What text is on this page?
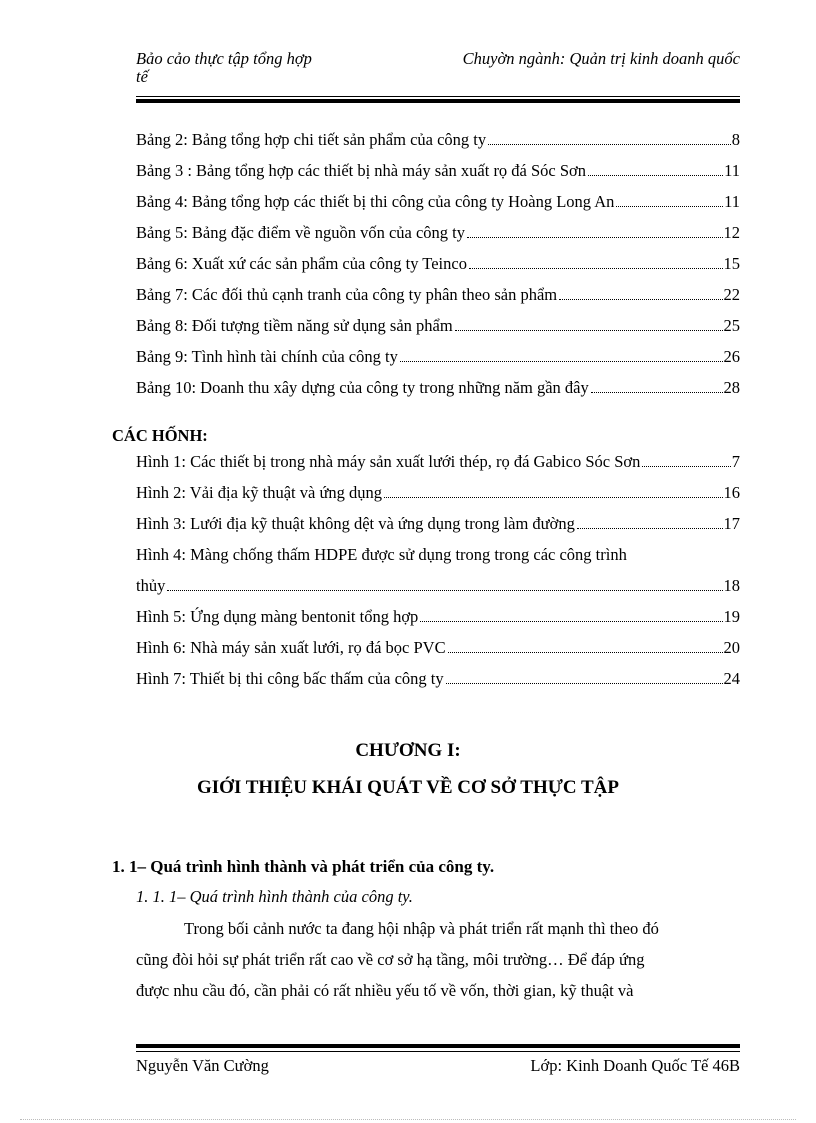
Bảo cảo thực tập tổng hợp
tế
Chuyờn ngành: Quản trị kinh doanh quốc
Bảng 2: Bảng tổng hợp chi tiết sản phẩm của công ty	8
Bảng 3 : Bảng tổng hợp các thiết bị nhà máy sản xuất rọ đá Sóc Sơn	11
Bảng 4: Bảng tổng hợp các thiết bị thi công của công ty Hoàng Long An	11
Bảng 5: Bảng đặc điểm về nguồn vốn của công ty	12
Bảng 6: Xuất xứ các sản phẩm của công ty Teinco	15
Bảng 7: Các đối thủ cạnh tranh của công ty phân theo sản phẩm	22
Bảng 8: Đối tượng tiềm năng sử dụng sản phẩm	25
Bảng 9: Tình hình tài chính của công ty	26
Bảng 10: Doanh thu xây dựng của công ty trong những năm gần đây	28
CÁC HỐNH:
Hình 1: Các thiết bị trong nhà máy sản xuất lưới thép, rọ đá Gabico Sóc Sơn	7
Hình 2: Vải địa kỹ thuật và ứng dụng	16
Hình 3: Lưới địa kỹ thuật không dệt và ứng dụng trong làm đường	17
Hình 4: Màng chống thấm HDPE được sử dụng trong trong các công trình
thủy	18
Hình 5: Ứng dụng màng bentonit tổng hợp	19
Hình 6: Nhà máy sản xuất lưới, rọ đá bọc PVC	20
Hình 7: Thiết bị thi công bấc thấm của công ty	24
CHƯƠNG I:
GIỚI THIỆU KHÁI QUÁT VỀ CƠ SỞ THỰC TẬP
1. 1– Quá trình hình thành và phát triển của công ty.
1. 1. 1– Quá trình hình thành của công ty.
Trong bối cảnh nước ta đang hội nhập và phát triển rất mạnh thì theo đó
cũng đòi hỏi sự phát triển rất cao về cơ sở hạ tầng, môi trường… Để đáp ứng
được nhu cầu đó, cần phải có rất nhiều yếu tố về vốn, thời gian, kỹ thuật và
Nguyễn Văn Cường	Lớp: Kinh Doanh Quốc Tế 46B
